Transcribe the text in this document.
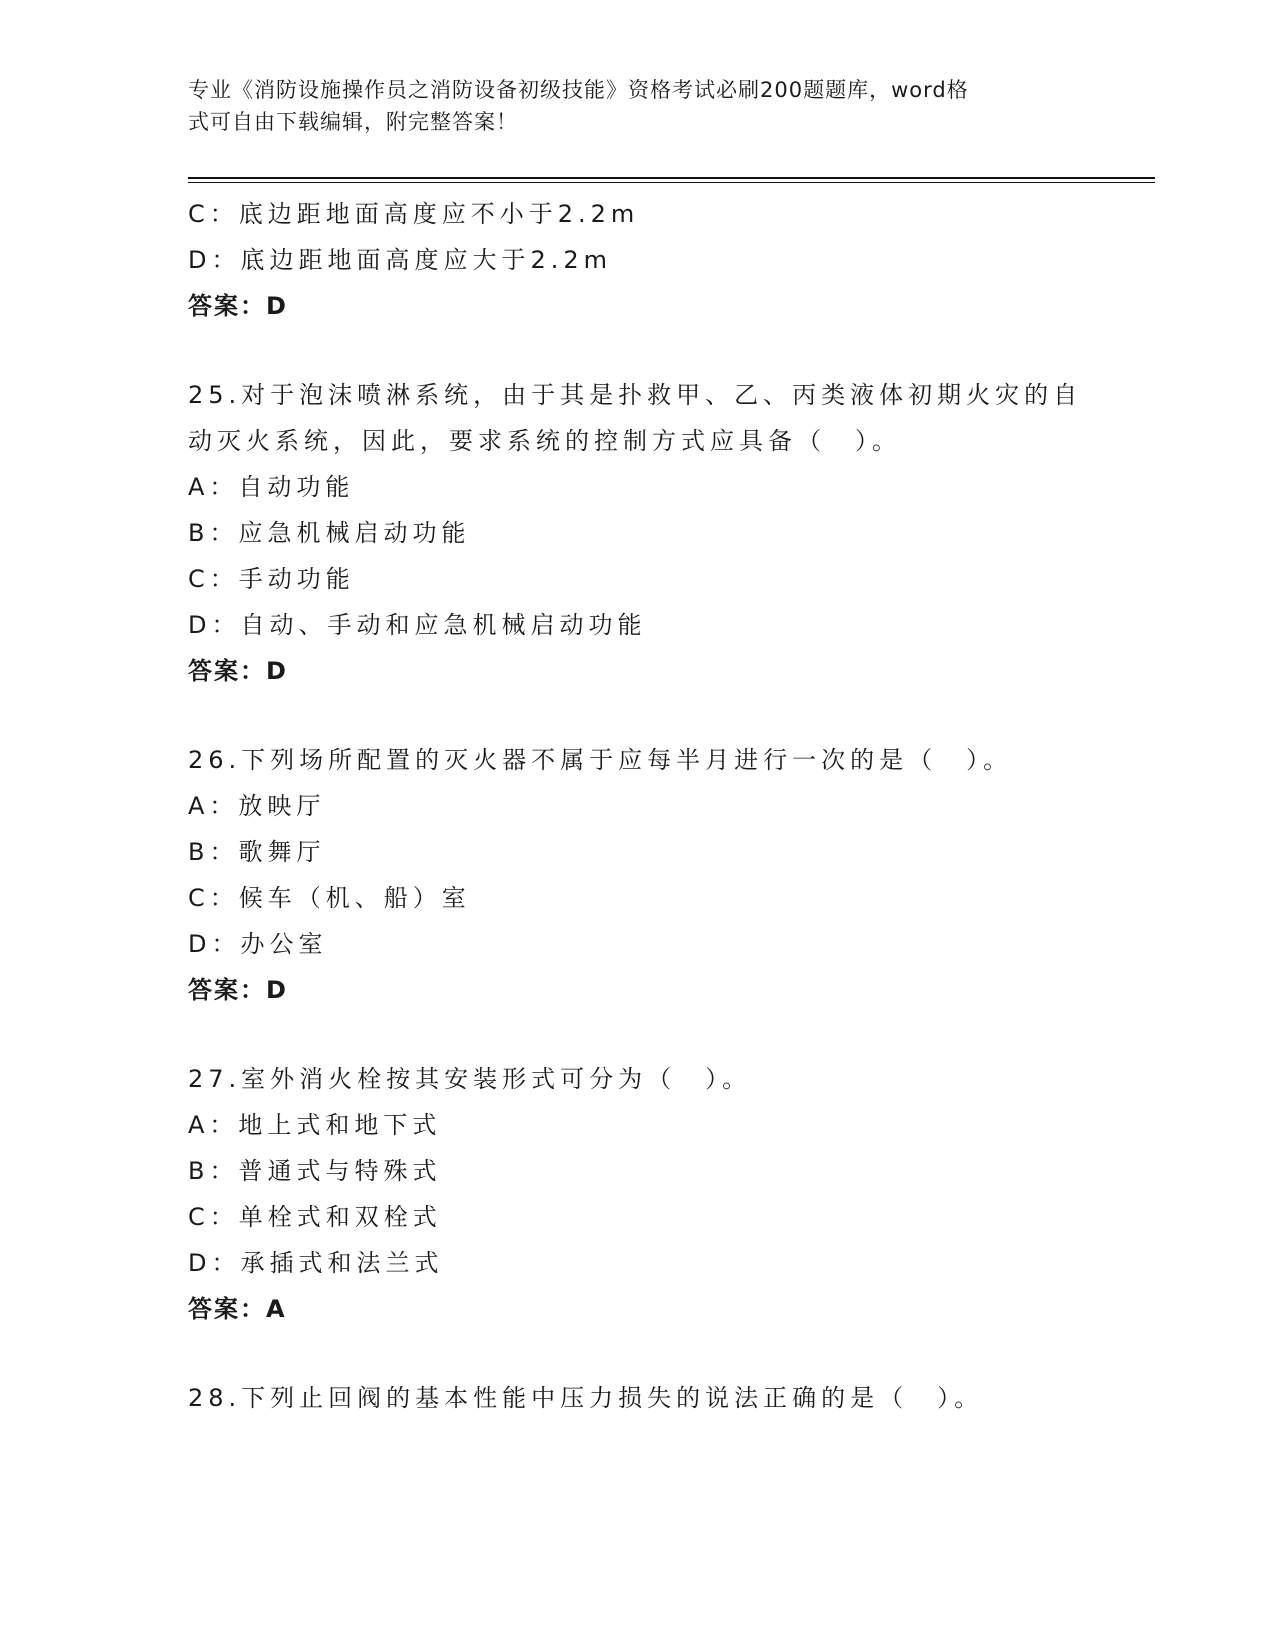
专业《消防设施操作员之消防设备初级技能》资格考试必刷200题题库，word格
式可自由下载编辑，附完整答案！
C：底边距地面高度应不小于2.2m
D：底边距地面高度应大于2.2m
答案：D
25.对于泡沫喷淋系统，由于其是扑救甲、乙、丙类液体初期火灾的自
动灭火系统，因此，要求系统的控制方式应具备（　）。
A：自动功能
B：应急机械启动功能
C：手动功能
D：自动、手动和应急机械启动功能
答案：D
26.下列场所配置的灭火器不属于应每半月进行一次的是（　）。
A：放映厅
B：歌舞厅
C：候车（机、船）室
D：办公室
答案：D
27.室外消火栓按其安装形式可分为（　）。
A：地上式和地下式
B：普通式与特殊式
C：单栓式和双栓式
D：承插式和法兰式
答案：A
28.下列止回阀的基本性能中压力损失的说法正确的是（　）。
